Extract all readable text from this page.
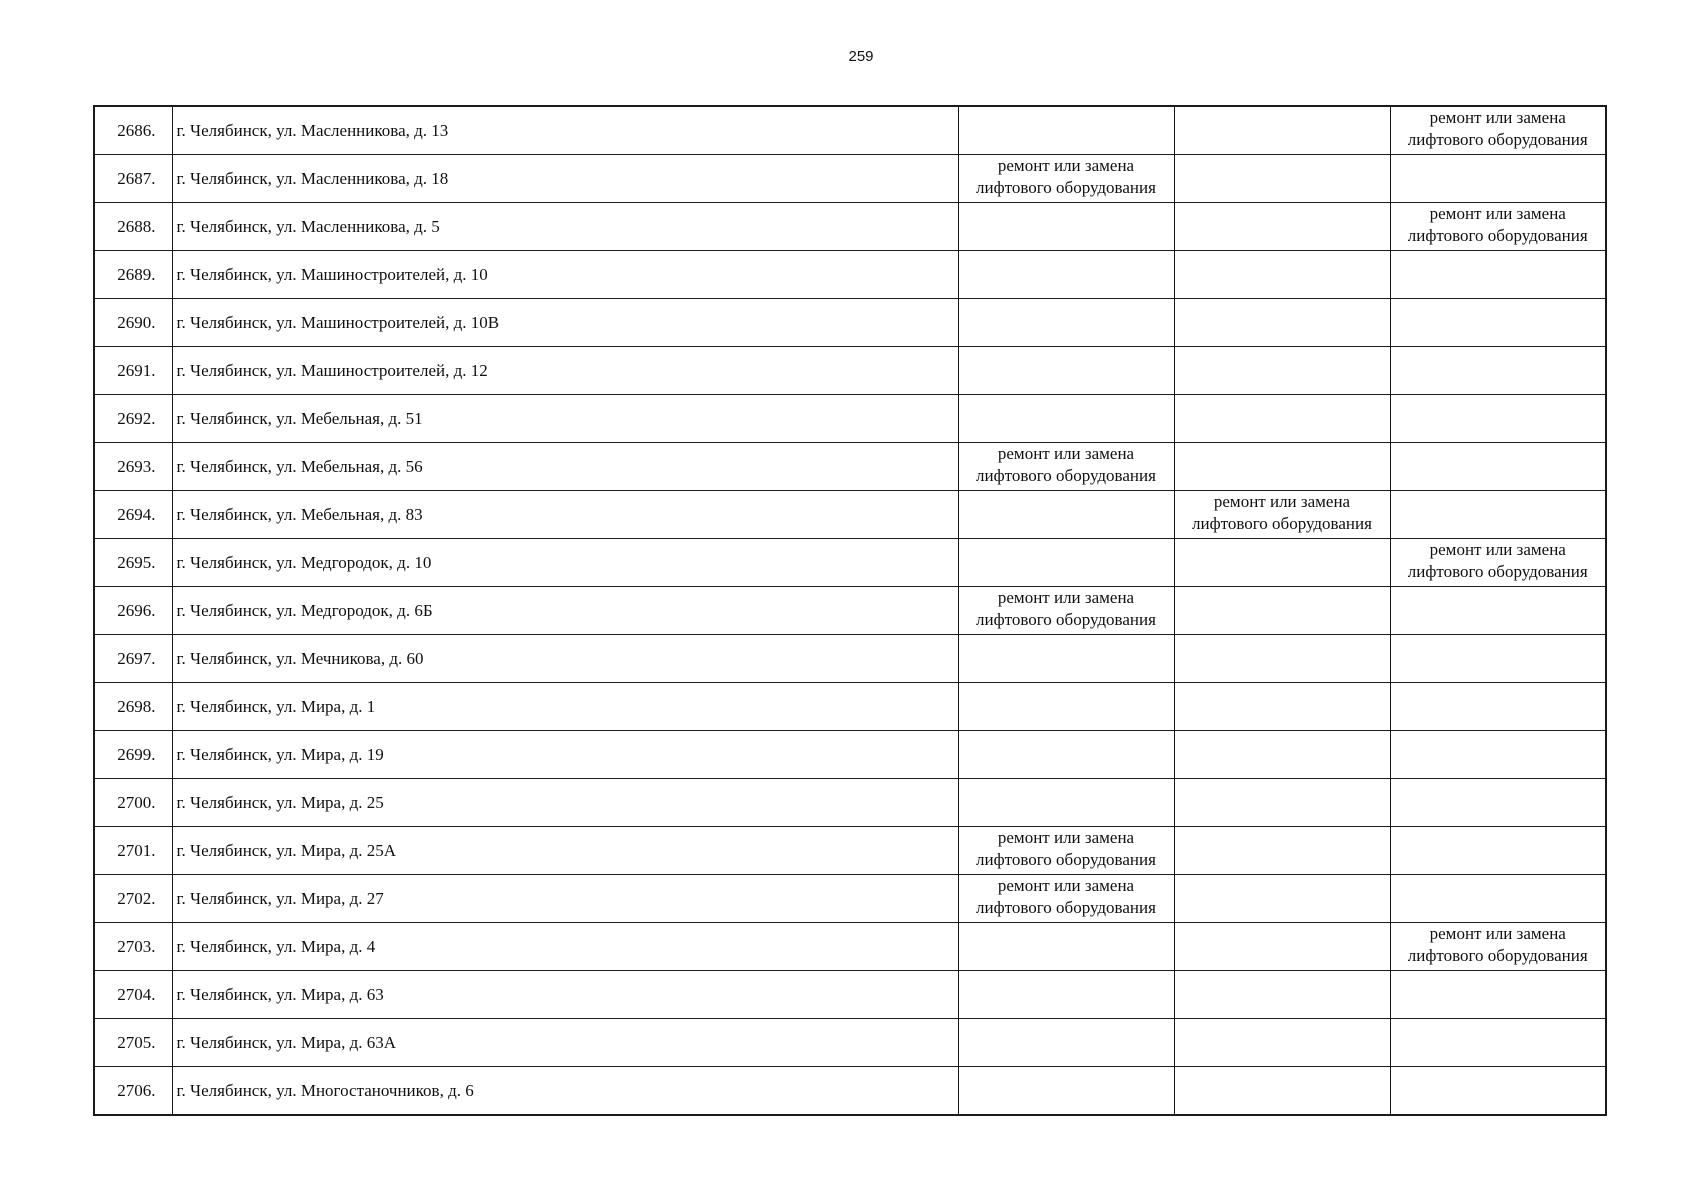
259
2686.	г. Челябинск, ул. Масленникова, д. 13			ремонт или замена лифтового оборудования

2687.	г. Челябинск, ул. Масленникова, д. 18	ремонт или замена лифтового оборудования		

2688.	г. Челябинск, ул. Масленникова, д. 5			ремонт или замена лифтового оборудования

2689.	г. Челябинск, ул. Машиностроителей, д. 10			
2690.	г. Челябинск, ул. Машиностроителей, д. 10В			
2691.	г. Челябинск, ул. Машиностроителей, д. 12			
2692.	г. Челябинск, ул. Мебельная, д. 51			
2693.	г. Челябинск, ул. Мебельная, д. 56	ремонт или замена лифтового оборудования		

2694.	г. Челябинск, ул. Мебельная, д. 83		ремонт или замена лифтового оборудования	

2695.	г. Челябинск, ул. Медгородок, д. 10			ремонт или замена лифтового оборудования

2696.	г. Челябинск, ул. Медгородок, д. 6Б	ремонт или замена лифтового оборудования		

2697.	г. Челябинск, ул. Мечникова, д. 60			
2698.	г. Челябинск, ул. Мира, д. 1			
2699.	г. Челябинск, ул. Мира, д. 19			
2700.	г. Челябинск, ул. Мира, д. 25			
2701.	г. Челябинск, ул. Мира, д. 25А	ремонт или замена лифтового оборудования		

2702.	г. Челябинск, ул. Мира, д. 27	ремонт или замена лифтового оборудования		

2703.	г. Челябинск, ул. Мира, д. 4			ремонт или замена лифтового оборудования

2704.	г. Челябинск, ул. Мира, д. 63			
2705.	г. Челябинск, ул. Мира, д. 63А			
2706.	г. Челябинск, ул. Многостаночников, д. 6			
